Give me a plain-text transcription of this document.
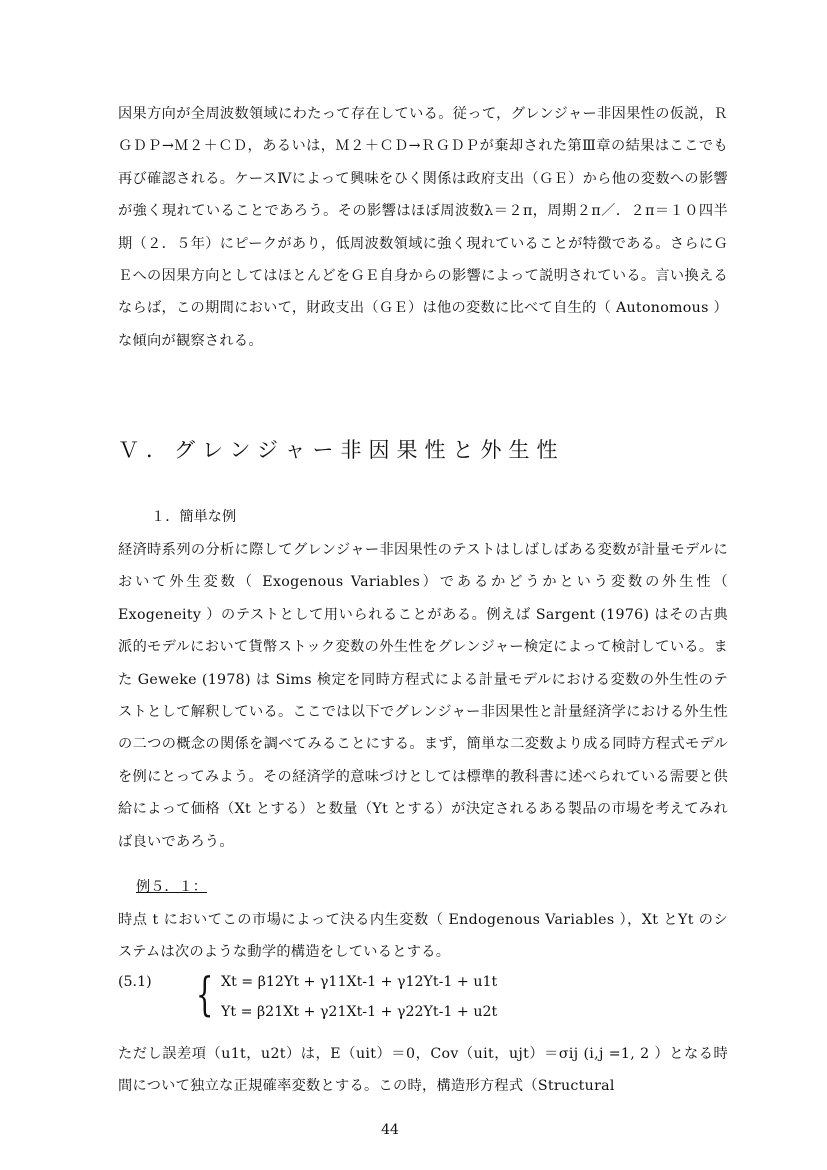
因果方向が全周波数領域にわたって存在している。従って，グレンジャー非因果性の仮説，ＲＧＤＰ→Ｍ２＋ＣＤ，あるいは，Ｍ２＋ＣＤ→ＲＧＤＰが棄却された第Ⅲ章の結果はここでも再び確認される。ケースⅣによって興味をひく関係は政府支出（ＧＥ）から他の変数への影響が強く現れていることであろう。その影響はほぼ周波数λ＝２π，周期２π／．２π＝１０四半期（２．５年）にピークがあり，低周波数領域に強く現れていることが特徴である。さらにＧＥへの因果方向としてはほとんどをＧＥ自身からの影響によって説明されている。言い換えるならば，この期間において，財政支出（ＧＥ）は他の変数に比べて自生的（ Autonomous ）な傾向が観察される。

Ｖ．グレンジャー非因果性と外生性
１．簡単な例

経済時系列の分析に際してグレンジャー非因果性のテストはしばしばある変数が計量モデルにおいて外生変数（ Exogenous Variables）であるかどうかという変数の外生性（ Exogeneity ）のテストとして用いられることがある。例えば Sargent (1976) はその古典派的モデルにおいて貨幣ストック変数の外生性をグレンジャー検定によって検討している。また Geweke (1978) は Sims 検定を同時方程式による計量モデルにおける変数の外生性のテストとして解釈している。ここでは以下でグレンジャー非因果性と計量経済学における外生性の二つの概念の関係を調べてみることにする。まず，簡単な二変数より成る同時方程式モデルを例にとってみよう。その経済学的意味づけとしては標準的教科書に述べられている需要と供給によって価格（Xt とする）と数量（Yt とする）が決定されるある製品の市場を考えてみれば良いであろう。

例５．１：

時点 t においてこの市場によって決る内生変数（ Endogenous Variables ），Xt とYt のシステムは次のような動学的構造をしているとする。

(5.1) { Xt = β12Yt + γ11Xt-1 + γ12Yt-1 + u1t
Yt = β21Xt + γ21Xt-1 + γ22Yt-1 + u2t

ただし誤差項（u1t，u2t）は，E（uit）＝0，Cov（uit，ujt）＝σij (i,j =1, 2 ）となる時間について独立な正規確率変数とする。この時，構造形方程式（Structural

44
